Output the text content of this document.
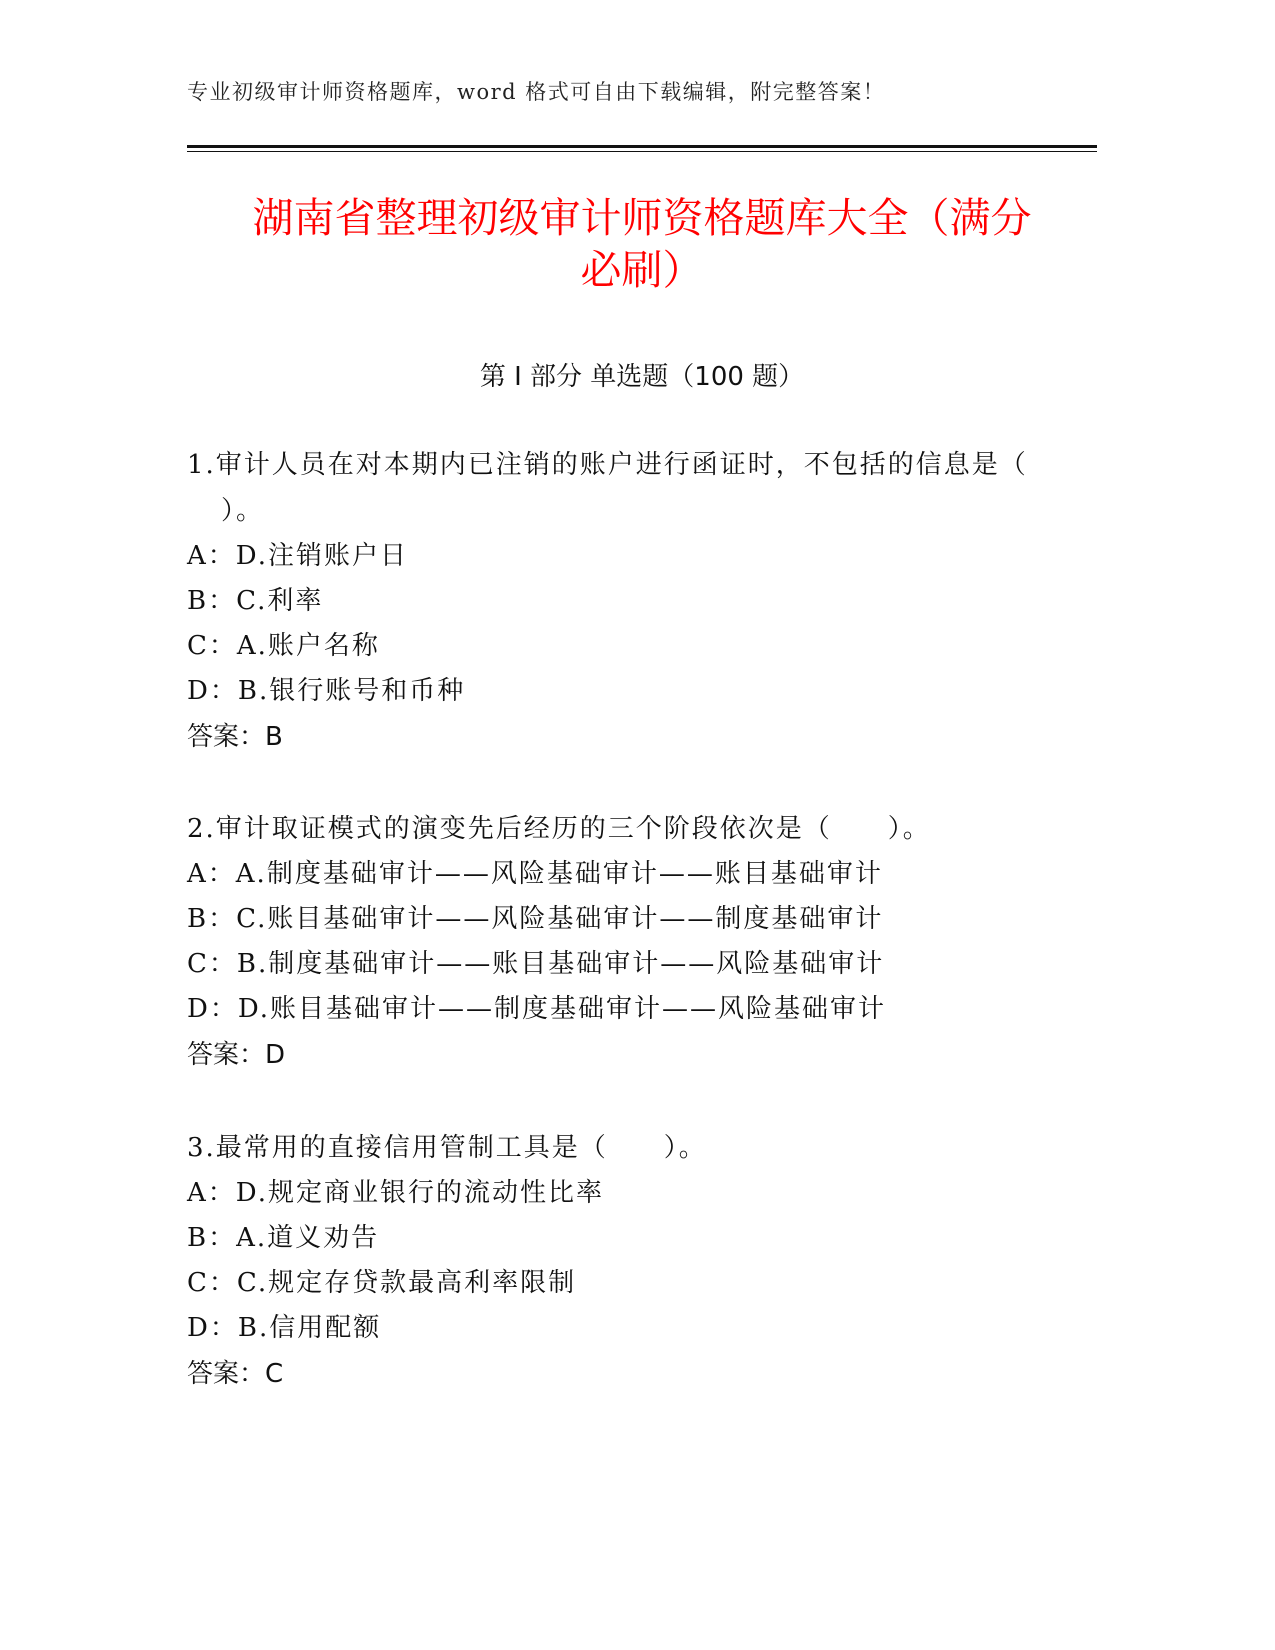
专业初级审计师资格题库，word 格式可自由下载编辑，附完整答案！
湖南省整理初级审计师资格题库大全（满分
必刷）
第 I 部分 单选题（100 题）
1.审计人员在对本期内已注销的账户进行函证时，不包括的信息是（
）。
A：D.注销账户日
B：C.利率
C：A.账户名称
D：B.银行账号和币种
答案：B
2.审计取证模式的演变先后经历的三个阶段依次是（　　）。
A：A.制度基础审计——风险基础审计——账目基础审计
B：C.账目基础审计——风险基础审计——制度基础审计
C：B.制度基础审计——账目基础审计——风险基础审计
D：D.账目基础审计——制度基础审计——风险基础审计
答案：D
3.最常用的直接信用管制工具是（　　）。
A：D.规定商业银行的流动性比率
B：A.道义劝告
C：C.规定存贷款最高利率限制
D：B.信用配额
答案：C
